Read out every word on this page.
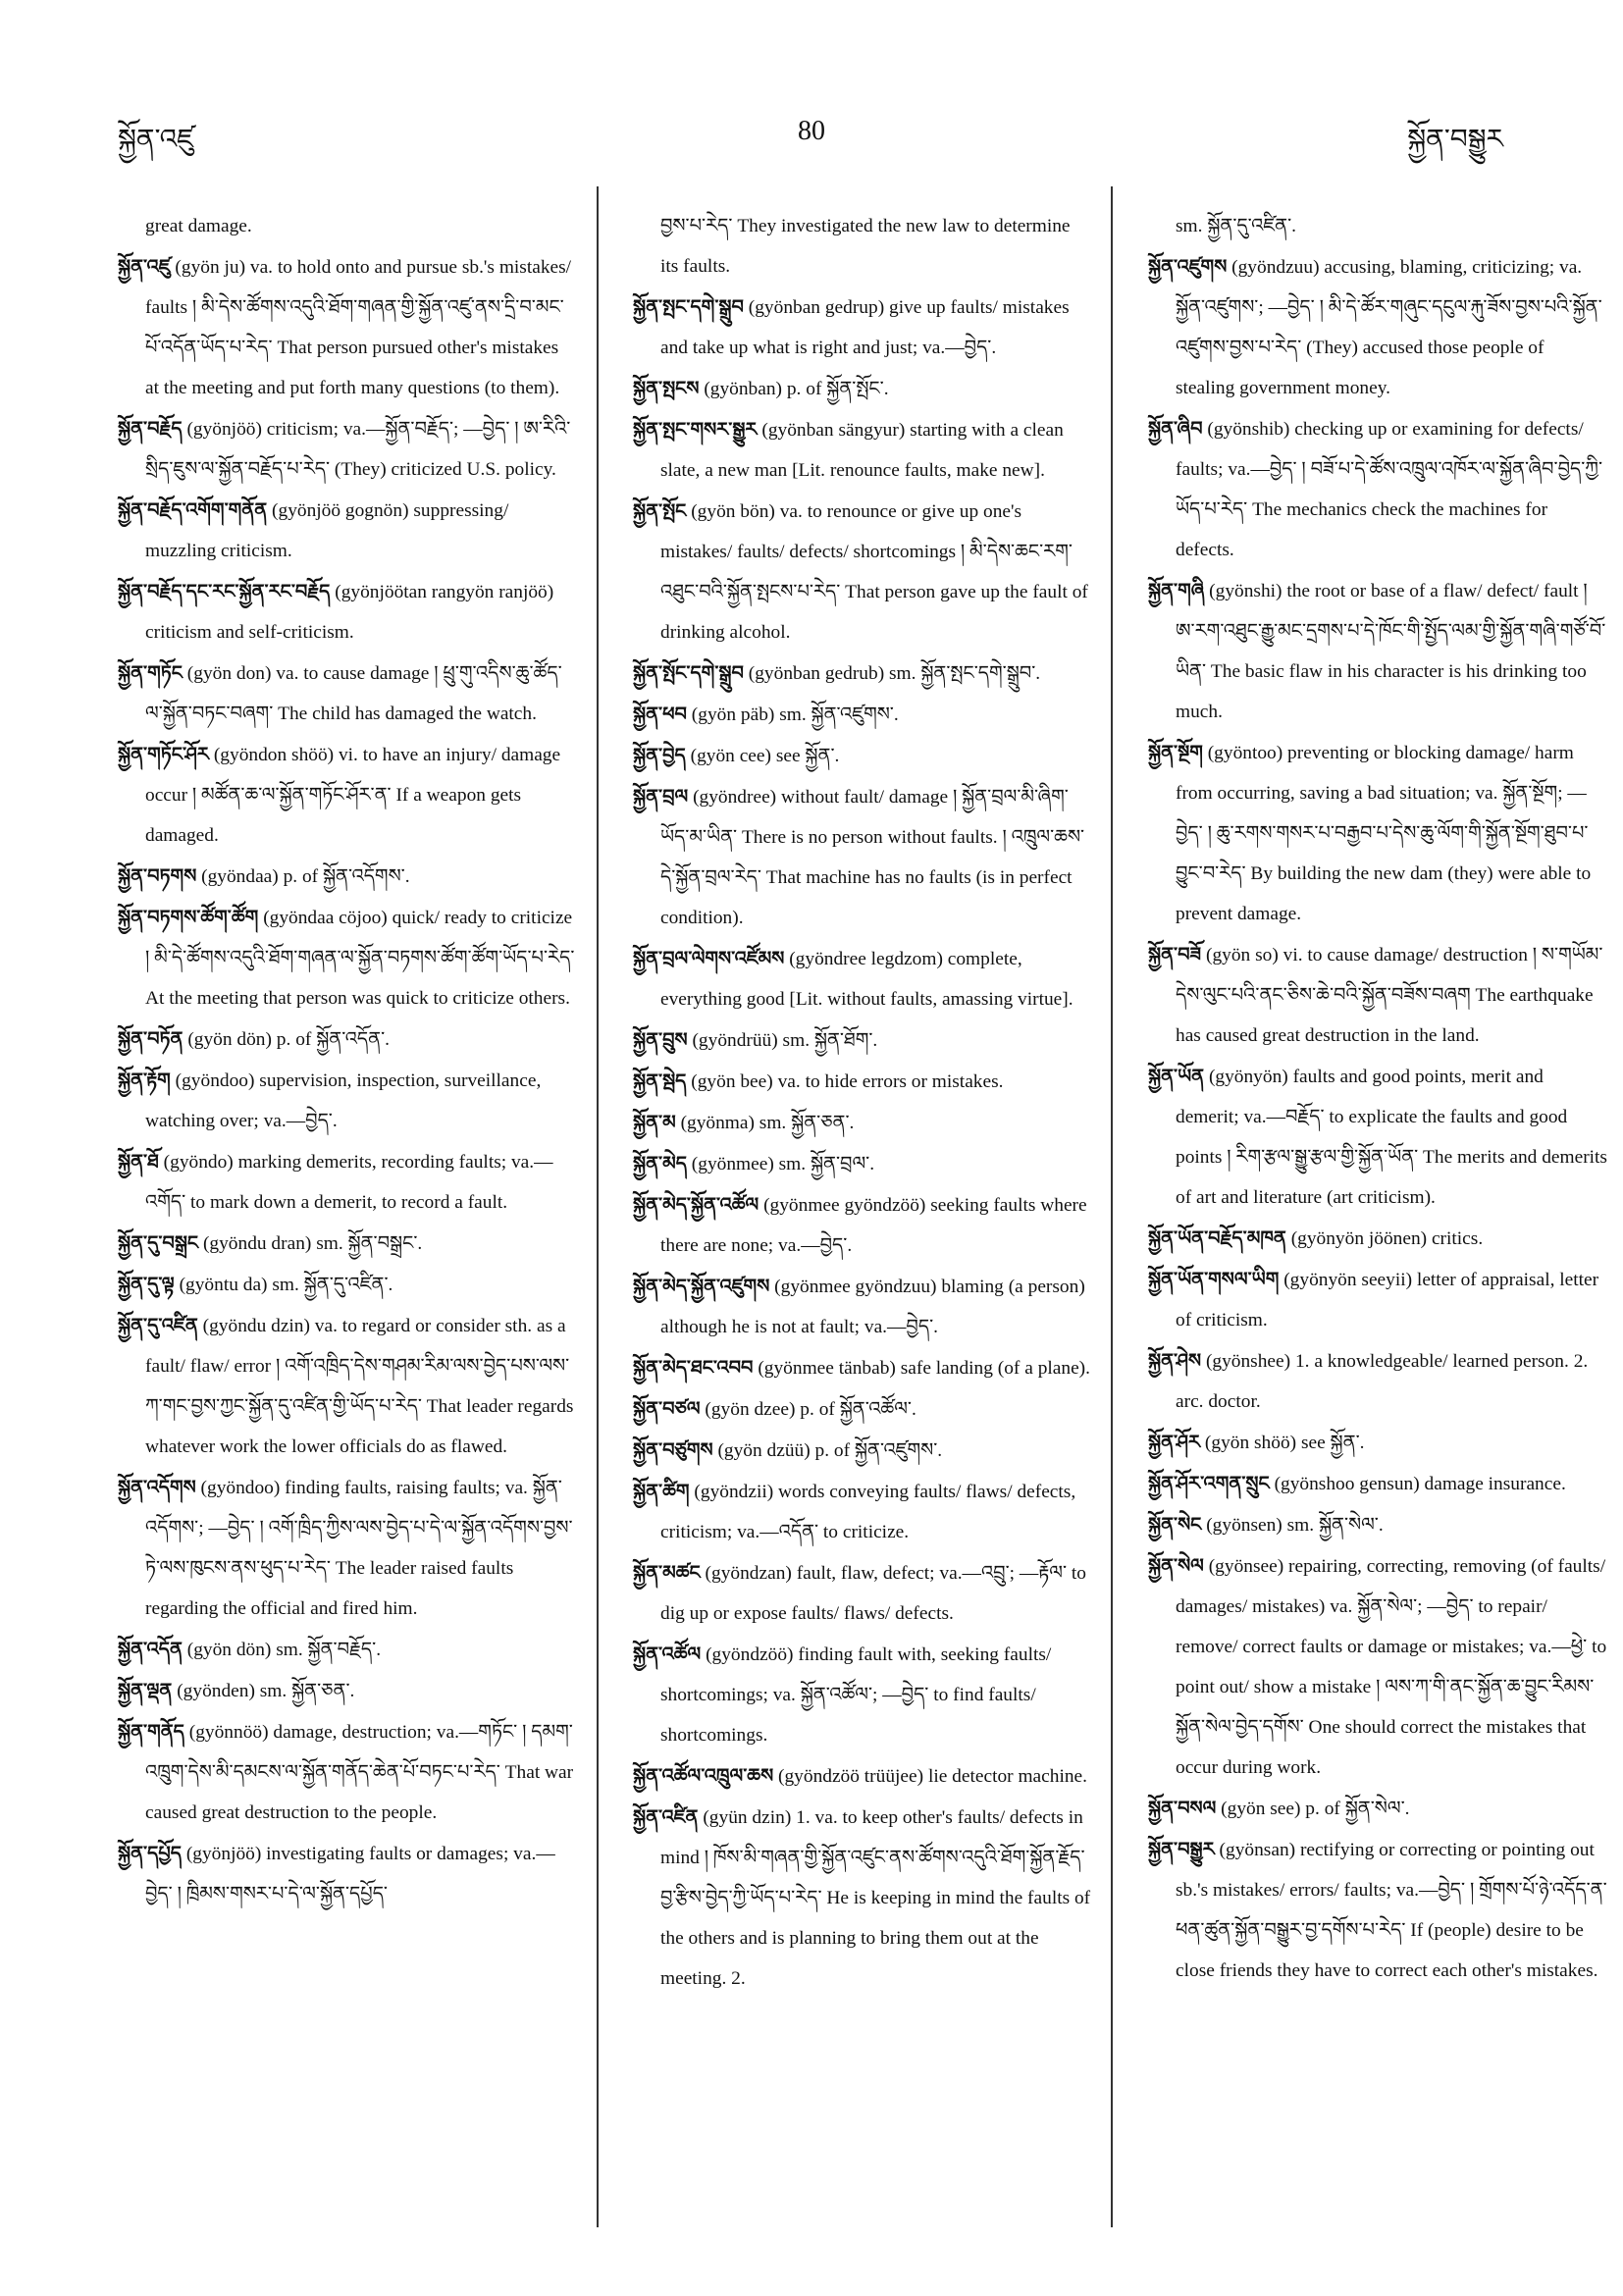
སྐྱོན་འཛུ	80	སྐྱོན་བསྒྱུར

great damage.

སྐྱོན་འཛུ (gyön ju) va. to hold onto and pursue sb.'s mistakes/ faults ། མི་དེས་ཚོགས་འདུའི་ཐོག་གཞན་གྱི་སྐྱོན་འཛུ་ནས་དྲི་བ་མང་པོ་འདོན་ཡོད་པ་རེད་ That person pursued other's mistakes at the meeting and put forth many questions (to them).

སྐྱོན་བརྗོད (gyönjöö) criticism; va.—སྐྱོན་བརྗོད་; —བྱེད་ ། ཨ་རིའི་སྲིད་ཇུས་ལ་སྐྱོན་བརྗོད་པ་རེད་ (They) criticized U.S. policy.

སྐྱོན་བརྗོད་འགོག་གནོན (gyönjöö gognön) suppressing/ muzzling criticism.

སྐྱོན་བརྗོད་དང་རང་སྐྱོན་རང་བརྗོད (gyönjöötan rangyön ranjöö) criticism and self-criticism.

སྐྱོན་གཏོང (gyön don) va. to cause damage ། ཕྲུ་གུ་འདིས་ཆུ་ཚོད་ལ་སྐྱོན་བཏང་བཞག་ The child has damaged the watch.

སྐྱོན་གཏོང་ཤོར (gyöndon shöö) vi. to have an injury/ damage occur ། མཚོན་ཆ་ལ་སྐྱོན་གཏོང་ཤོར་ན་ If a weapon gets damaged.

སྐྱོན་བཏགས (gyöndaa) p. of སྐྱོན་འདོགས་.

སྐྱོན་བཏགས་ཚོག་ཚོག (gyöndaa cöjoo) quick/ ready to criticize ། མི་དེ་ཚོགས་འདུའི་ཐོག་གཞན་ལ་སྐྱོན་བཏགས་ཚོག་ཚོག་ཡོད་པ་རེད་ At the meeting that person was quick to criticize others.

སྐྱོན་བཏོན (gyön dön) p. of སྐྱོན་འདོན་.

སྐྱོན་རྟོག (gyöndoo) supervision, inspection, surveillance, watching over; va.—བྱེད་.

སྐྱོན་ཐོ (gyöndo) marking demerits, recording faults; va.—འགོད་ to mark down a demerit, to record a fault.

སྐྱོན་དུ་བསྒྲང (gyöndu dran) sm. སྐྱོན་བསྒྲང་.

སྐྱོན་དུ་ལྟ (gyöntu da) sm. སྐྱོན་དུ་འཛིན་.

སྐྱོན་དུ་འཛིན (gyöndu dzin) va. to regard or consider sth. as a fault/ flaw/ error ། འགོ་འཁྲིད་དེས་གཤམ་རིམ་ལས་བྱེད་པས་ལས་ཀ་གང་བྱས་ཀྱང་སྐྱོན་དུ་འཛིན་གྱི་ཡོད་པ་རེད་ That leader regards whatever work the lower officials do as flawed.

སྐྱོན་འདོགས (gyöndoo) finding faults, raising faults; va. སྐྱོན་འདོགས་; —བྱེད་ ། འགོ་ཁྲིད་ཀྱིས་ལས་བྱེད་པ་དེ་ལ་སྐྱོན་འདོགས་བྱས་ཏེ་ལས་ཁུངས་ནས་ཕུད་པ་རེད་ The leader raised faults regarding the official and fired him.

སྐྱོན་འདོན (gyön dön) sm. སྐྱོན་བརྗོད་.

སྐྱོན་ལྡན (gyönden) sm. སྐྱོན་ཅན་.

སྐྱོན་གནོད (gyönnöö) damage, destruction; va.—གཏོང་ ། དམག་འཁྲུག་དེས་མི་དམངས་ལ་སྐྱོན་གནོད་ཆེན་པོ་བཏང་པ་རེད་ That war caused great destruction to the people.

སྐྱོན་དཔྱོད (gyönjöö) investigating faults or damages; va.—བྱེད་ ། ཁྲིམས་གསར་པ་དེ་ལ་སྐྱོན་དཔྱོད་

བྱས་པ་རེད་ They investigated the new law to determine its faults.

སྐྱོན་སྤང་དགེ་སྒྲུབ (gyönban gedrup) give up faults/ mistakes and take up what is right and just; va.—བྱེད་.

སྐྱོན་སྤངས (gyönban) p. of སྐྱོན་སྤོང་.

སྐྱོན་སྤང་གསར་སྒྱུར (gyönban sängyur) starting with a clean slate, a new man [Lit. renounce faults, make new].

སྐྱོན་སྤོང (gyön bön) va. to renounce or give up one's mistakes/ faults/ defects/ shortcomings ། མི་དེས་ཆང་རག་འཐུང་བའི་སྐྱོན་སྤངས་པ་རེད་ That person gave up the fault of drinking alcohol.

སྐྱོན་སྤོང་དགེ་སྒྲུབ (gyönban gedrub) sm. སྐྱོན་སྤང་དགེ་སྒྲུབ་.

སྐྱོན་ཕབ (gyön päb) sm. སྐྱོན་འཛུགས་.

སྐྱོན་བྱེད (gyön cee) see སྐྱོན་.

སྐྱོན་བྲལ (gyöndree) without fault/ damage ། སྐྱོན་བྲལ་མི་ཞིག་ཡོད་མ་ཡིན་ There is no person without faults. ། འཁྲུལ་ཆས་དེ་སྐྱོན་བྲལ་རེད་ That machine has no faults (is in perfect condition).

སྐྱོན་བྲལ་ལེགས་འཛོམས (gyöndree legdzom) complete, everything good [Lit. without faults, amassing virtue].

སྐྱོན་བྲུས (gyöndrüü) sm. སྐྱོན་ཐོག་.

སྐྱོན་སྦེད (gyön bee) va. to hide errors or mistakes.

སྐྱོན་མ (gyönma) sm. སྐྱོན་ཅན་.

སྐྱོན་མེད (gyönmee) sm. སྐྱོན་བྲལ་.

སྐྱོན་མེད་སྐྱོན་འཚོལ (gyönmee gyöndzöö) seeking faults where there are none; va.—བྱེད་.

སྐྱོན་མེད་སྐྱོན་འཛུགས (gyönmee gyöndzuu) blaming (a person) although he is not at fault; va.—བྱེད་.

སྐྱོན་མེད་ཐང་འབབ (gyönmee tänbab) safe landing (of a plane).

སྐྱོན་བཙལ (gyön dzee) p. of སྐྱོན་འཚོལ་.

སྐྱོན་བཙུགས (gyön dzüü) p. of སྐྱོན་འཛུགས་.

སྐྱོན་ཚིག (gyöndzii) words conveying faults/ flaws/ defects, criticism; va.—འདོན་ to criticize.

སྐྱོན་མཚང (gyöndzan) fault, flaw, defect; va.—འབྲུ་; —རྟོལ་ to dig up or expose faults/ flaws/ defects.

སྐྱོན་འཚོལ (gyöndzöö) finding fault with, seeking faults/ shortcomings; va. སྐྱོན་འཚོལ་; —བྱེད་ to find faults/ shortcomings.

སྐྱོན་འཚོལ་འཁྲུལ་ཆས (gyöndzöö trüüjee) lie detector machine.

སྐྱོན་འཛིན (gyün dzin) 1. va. to keep other's faults/ defects in mind ། ཁོས་མི་གཞན་གྱི་སྐྱོན་འཛུང་ནས་ཚོགས་འདུའི་ཐོག་སྐྱོན་རྗོད་བྱ་རྩིས་བྱེད་ཀྱི་ཡོད་པ་རེད་ He is keeping in mind the faults of the others and is planning to bring them out at the meeting. 2.

sm. སྐྱོན་དུ་འཛིན་.

སྐྱོན་འཛུགས (gyöndzuu) accusing, blaming, criticizing; va. སྐྱོན་འཛུགས་; —བྱེད་ ། མི་དེ་ཚོར་གཞུང་དངུལ་རྐུ་ཟོས་བྱས་པའི་སྐྱོན་འཛུགས་བྱས་པ་རེད་ (They) accused those people of stealing government money.

སྐྱོན་ཞིབ (gyönshib) checking up or examining for defects/ faults; va.—བྱེད་ ། བཟོ་པ་དེ་ཚོས་འཁྲུལ་འཁོར་ལ་སྐྱོན་ཞིབ་བྱེད་ཀྱི་ཡོད་པ་རེད་ The mechanics check the machines for defects.

སྐྱོན་གཞི (gyönshi) the root or base of a flaw/ defect/ fault ། ཨ་རག་འཐུང་རྒྱུ་མང་དྲགས་པ་དེ་ཁོང་གི་སྤྱོད་ལམ་གྱི་སྐྱོན་གཞི་གཙོ་བོ་ཡིན་ The basic flaw in his character is his drinking too much.

སྐྱོན་སྔོག (gyöntoo) preventing or blocking damage/ harm from occurring, saving a bad situation; va. སྐྱོན་སྔོག; —བྱེད་ ། ཆུ་རགས་གསར་པ་བརྒྱབ་པ་དེས་ཆུ་ལོག་གི་སྐྱོན་སྔོག་ཐུབ་པ་བྱུང་བ་རེད་ By building the new dam (they) were able to prevent damage.

སྐྱོན་བཟོ (gyön so) vi. to cause damage/ destruction ། ས་གཡོམ་དེས་ལུང་པའི་ནང་ཅིས་ཆེ་བའི་སྐྱོན་བཟོས་བཞག The earthquake has caused great destruction in the land.

སྐྱོན་ཡོན (gyönyön) faults and good points, merit and demerit; va.—བརྗོད་ to explicate the faults and good points ། རིག་རྩལ་སྒྱུ་རྩལ་གྱི་སྐྱོན་ཡོན་ The merits and demerits of art and literature (art criticism).

སྐྱོན་ཡོན་བརྗོད་མཁན (gyönyön jöönen) critics.

སྐྱོན་ཡོན་གསལ་ཡིག (gyönyön seeyii) letter of appraisal, letter of criticism.

སྐྱོན་ཤེས (gyönshee) 1. a knowledgeable/ learned person. 2. arc. doctor.

སྐྱོན་ཤོར (gyön shöö) see སྐྱོན་.

སྐྱོན་ཤོར་འགན་སྲུང (gyönshoo gensun) damage insurance.

སྐྱོན་སེང (gyönsen) sm. སྐྱོན་སེལ་.

སྐྱོན་སེལ (gyönsee) repairing, correcting, removing (of faults/ damages/ mistakes) va. སྐྱོན་སེལ་; —བྱེད་ to repair/ remove/ correct faults or damage or mistakes; va.—ཕྱེ་ to point out/ show a mistake ། ལས་ཀ་གི་ནང་སྐྱོན་ཆ་བྱུང་རིམས་སྐྱོན་སེལ་བྱེད་དགོས་ One should correct the mistakes that occur during work.

སྐྱོན་བསལ (gyön see) p. of སྐྱོན་སེལ་.

སྐྱོན་བསྒྱུར (gyönsan) rectifying or correcting or pointing out sb.'s mistakes/ errors/ faults; va.—བྱེད་ ། གྲོགས་པོ་ཉེ་འདོད་ན་ཕན་ཚུན་སྐྱོན་བསྒྱུར་བྱ་དགོས་པ་རེད་ If (people) desire to be close friends they have to correct each other's mistakes.
